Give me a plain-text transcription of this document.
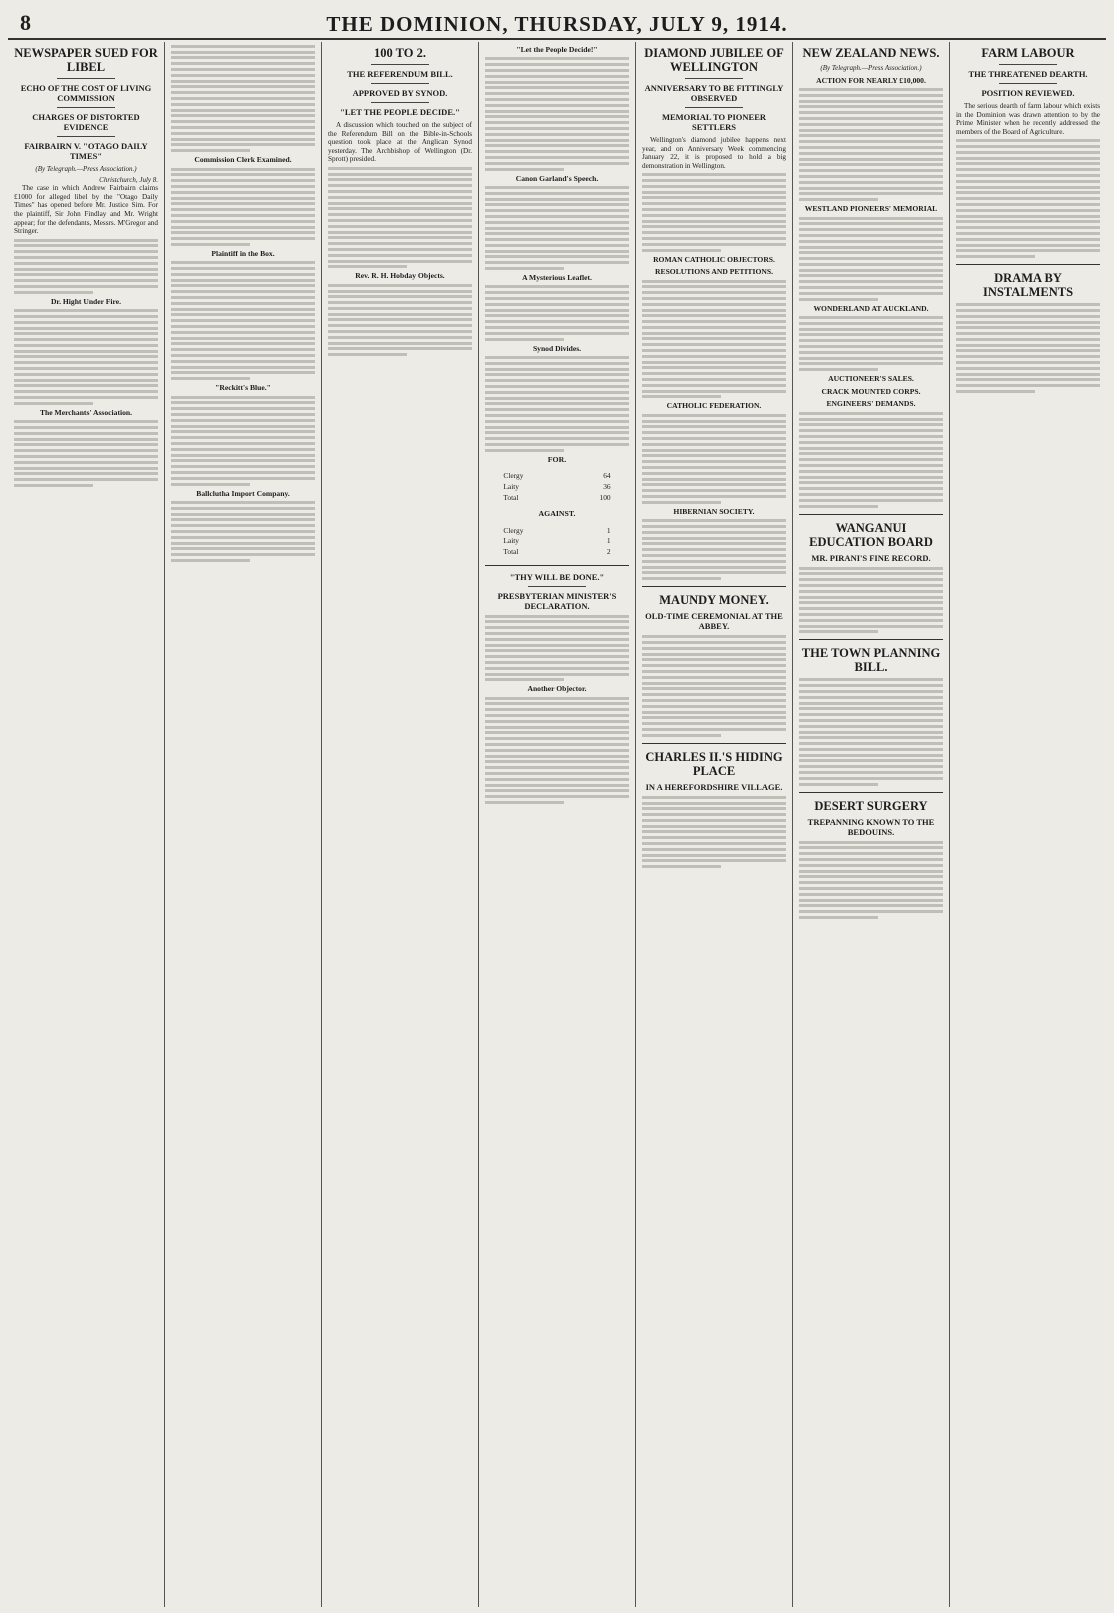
8	THE DOMINION, THURSDAY, JULY 9, 1914.
NEWSPAPER SUED FOR LIBEL
ECHO OF THE COST OF LIVING COMMISSION
CHARGES OF DISTORTED EVIDENCE
FAIRBAIRN V. "OTAGO DAILY TIMES"
(By Telegraph.—Press Association.)
Christchurch, July 8.

The case in which Andrew Fairbairn claims £1000 for alleged libel by the "Otago Daily Times" has opened before Mr. Justice Sim. For the plaintiff, Sir John Findlay and Mr. Wright appear; for the defendants, Messrs. M'Gregor and Stringer.

Dr. Hight Under Fire.

The Merchants' Association.

Commission Clerk Examined.

Plaintiff in the Box.

"Reckitt's Blue."

Ballclutha Import Company.

100 TO 2.
THE REFERENDUM BILL.
APPROVED BY SYNOD.
"LET THE PEOPLE DECIDE."

A discussion which touched on the subject of the Referendum Bill on the Bible-in-Schools question took place at the Anglican Synod yesterday. The Archbishop of Wellington (Dr. Sprott) presided.

Rev. R. H. Hobday Objects.

"Let the People Decide!"

Canon Garland's Speech.

A Mysterious Leaflet.

Synod Divides.

FOR.
Clergy	64
Laity	36
Total	100
AGAINST.
Clergy	1
Laity	1
Total	2
"THY WILL BE DONE."
PRESBYTERIAN MINISTER'S DECLARATION.

Another Objector.

DIAMOND JUBILEE OF WELLINGTON
ANNIVERSARY TO BE FITTINGLY OBSERVED
MEMORIAL TO PIONEER SETTLERS

Wellington's diamond jubilee happens next year, and on Anniversary Week commencing January 22, it is proposed to hold a big demonstration in Wellington.

ROMAN CATHOLIC OBJECTORS.
RESOLUTIONS AND PETITIONS.

CATHOLIC FEDERATION.

HIBERNIAN SOCIETY.

MAUNDY MONEY.
OLD-TIME CEREMONIAL AT THE ABBEY.

CHARLES II.'S HIDING PLACE
IN A HEREFORDSHIRE VILLAGE.

NEW ZEALAND NEWS.
(By Telegraph.—Press Association.)
ACTION FOR NEARLY £10,000.

WESTLAND PIONEERS' MEMORIAL

WONDERLAND AT AUCKLAND.

AUCTIONEER'S SALES.
CRACK MOUNTED CORPS.
ENGINEERS' DEMANDS.

WANGANUI EDUCATION BOARD
MR. PIRANI'S FINE RECORD.

THE TOWN PLANNING BILL.

DESERT SURGERY
TREPANNING KNOWN TO THE BEDOUINS.

FARM LABOUR
THE THREATENED DEARTH.
POSITION REVIEWED.

The serious dearth of farm labour which exists in the Dominion was drawn attention to by the Prime Minister when he recently addressed the members of the Board of Agriculture.

DRAMA BY INSTALMENTS
